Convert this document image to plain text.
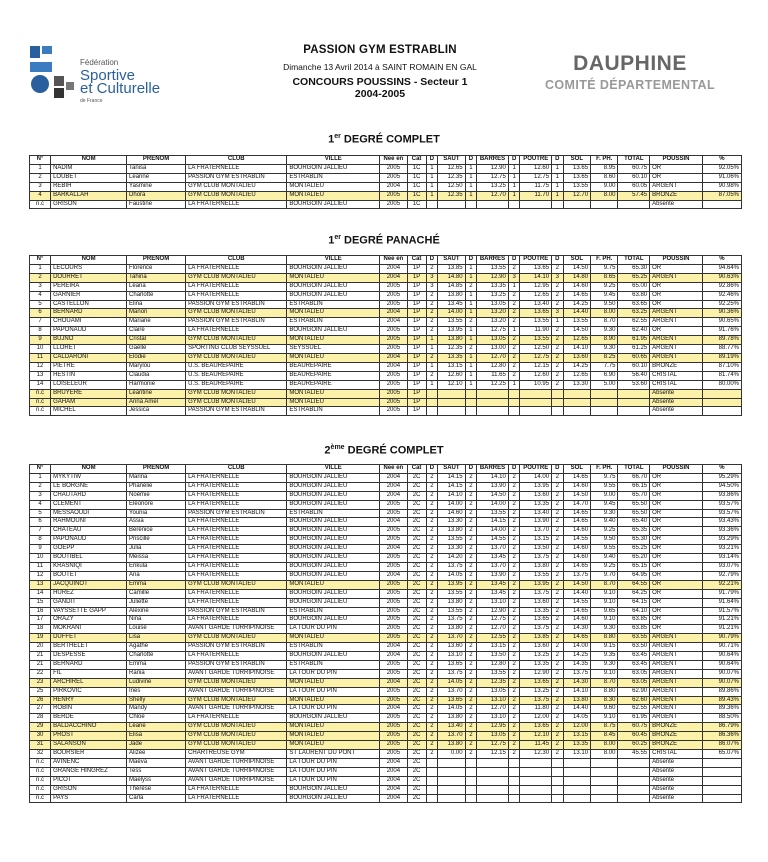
Fédération
Sportive
et Culturelle
de France
PASSION GYM ESTRABLIN
Dimanche 13 Avril 2014 à SAINT ROMAIN EN GAL
CONCOURS POUSSINS - Secteur 1
2004-2005
DAUPHINE
COMITÉ DÉPARTEMENTAL
1er DEGRÉ COMPLET
N°	NOM	PRENOM	CLUB	VILLE	Nee en	Cat	D	SAUT	D	BARRES	D	POUTRE	D	SOL	F. PH.	TOTAL	POUSSIN	%
1	NADIM	Tanisa	LA FRATERNELLE	BOURGOIN JALLIEU	2005	1C	1	12.65	1	12.90	1	12.60	1	13.65	8.95	60.75	OR	92.05%
2	LOUBET	Léanne	PASSION GYM ESTRABLIN	ESTRABLIN	2005	1C	1	12.35	1	12.75	1	12.75	1	13.65	8.60	60.10	OR	91.06%
3	REBIH	Yasmine	GYM CLUB MONTALIEU	MONTALIEU	2004	1C	1	12.50	1	13.25	1	11.75	1	13.55	9.00	60.05	ARGENT	90.98%
4	BARKALLAH	Dhora	GYM CLUB MONTALIEU	MONTALIEU	2005	1C	1	12.35	1	12.70	1	11.70	1	12.70	8.00	57.45	BRONZE	87.05%
n.c	GRISON	Faustine	LA FRATERNELLE	BOURGOIN JALLIEU	2005	1C											Absente	
1er DEGRÉ PANACHÉ
N°	NOM	PRENOM	CLUB	VILLE	Nee en	Cat	D	SAUT	D	BARRES	D	POUTRE	D	SOL	F. PH.	TOTAL	POUSSIN	%
1	LECOURS	Florence	LA FRATERNELLE	BOURGOIN JALLIEU	2004	1P	2	13.85	1	13.55	2	13.65	2	14.50	9.75	65.30	OR	94.64%
2	DOURRET	Tahina	GYM CLUB MONTALIEU	MONTALIEU	2004	1P	3	14.80	1	12.90	3	14.10	3	14.80	8.65	65.25	ARGENT	90.63%
3	PEREIRA	Leana	LA FRATERNELLE	BOURGOIN JALLIEU	2005	1P	3	14.85	2	13.35	1	12.95	2	14.60	9.25	65.00	OR	92.86%
4	GARNIER	Charlotte	LA FRATERNELLE	BOURGOIN JALLIEU	2005	1P	2	13.80	1	13.25	2	12.65	2	14.65	9.45	63.80	OR	92.46%
5	CASTELLON	Elina	PASSION GYM ESTRABLIN	ESTRABLIN	2005	1P	2	13.45	1	13.05	2	13.40	2	14.25	9.50	63.65	OR	92.25%
6	BERNARD	Manon	GYM CLUB MONTALIEU	MONTALIEU	2004	1P	2	14.00	1	13.20	2	13.65	3	14.40	8.00	63.25	ARGENT	90.36%
7	CHOUAMI	Mariane	PASSION GYM ESTRABLIN	ESTRABLIN	2004	1P	2	13.55	2	13.20	2	13.55	1	13.55	8.70	62.55	ARGENT	90.65%
8	PAPONAUD	Claire	LA FRATERNELLE	BOURGOIN JALLIEU	2005	1P	2	13.95	1	12.75	1	11.90	2	14.50	9.30	62.40	OR	91.76%
9	BUJNO	Cristal	GYM CLUB MONTALIEU	MONTALIEU	2005	1P	1	13.80	1	13.05	2	13.55	2	12.65	8.90	61.95	ARGENT	89.78%
10	LLORET	Gaëlle	SPORTING CLUB SEYSSUEL	SEYSSUEL	2005	1P	1	12.35	2	13.00	2	12.50	2	14.10	9.30	61.25	ARGENT	88.77%
11	CALDARONI	Elodie	GYM CLUB MONTALIEU	MONTALIEU	2004	1P	2	13.35	1	12.70	2	12.75	2	13.60	8.25	60.65	ARGENT	89.19%
12	PIETRE	Marylou	U.S. BEAUREPAIRE	BEAUREPAIRE	2004	1P	1	13.15	1	12.80	2	12.15	2	14.25	7.75	60.10	BRONZE	87.10%
13	HESTIN	Claudia	U.S. BEAUREPAIRE	BEAUREPAIRE	2005	1P	2	12.60	1	11.65	2	12.60	2	12.65	6.90	56.40	CRISTAL	81.74%
14	LOISELEUR	Harmonie	U.S. BEAUREPAIRE	BEAUREPAIRE	2005	1P	1	12.10	1	12.25	1	10.95	2	13.30	5.00	53.60	CRISTAL	80.00%
n.c	BRUYERE	Léantine	GYM CLUB MONTALIEU	MONTALIEU	2005	1P											Absente	
n.c	GAHAM	Anna Amel	GYM CLUB MONTALIEU	MONTALIEU	2005	1P											Absente	
n.c	MICHEL	Jessica	PASSION GYM ESTRABLIN	ESTRABLIN	2005	1P											Absente	
2ème DEGRÉ COMPLET
N°	NOM	PRENOM	CLUB	VILLE	Nee en	Cat	D	SAUT	D	BARRES	D	POUTRE	D	SOL	F. PH.	TOTAL	POUSSIN	%
1	MYKYTIW	Marina	LA FRATERNELLE	BOURGOIN JALLIEU	2004	2C	2	14.15	2	14.10	2	14.00	2	14.65	9.75	66.70	OR	95.29%
2	LE BORGNE	Phanélie	LA FRATERNELLE	BOURGOIN JALLIEU	2004	2C	2	14.15	2	13.90	2	13.95	2	14.60	9.55	66.15	OR	94.50%
3	CHAUTARD	Noémie	LA FRATERNELLE	BOURGOIN JALLIEU	2004	2C	2	14.10	2	14.50	2	13.60	2	14.50	9.00	65.70	OR	93.86%
4	CLEMENT	Eléonore	LA FRATERNELLE	BOURGOIN JALLIEU	2005	2C	2	14.00	2	14.00	2	13.35	2	14.70	9.45	65.50	OR	93.57%
5	MESSAOUDI	Younia	PASSION GYM ESTRABLIN	ESTRABLIN	2005	2C	2	14.60	2	13.55	2	13.40	2	14.65	9.30	65.50	OR	93.57%
6	RAHMOUNI	Assia	LA FRATERNELLE	BOURGOIN JALLIEU	2004	2C	2	13.30	2	14.15	2	13.90	2	14.65	9.40	65.40	OR	93.43%
7	CHATEAU	Bérénice	LA FRATERNELLE	BOURGOIN JALLIEU	2005	2C	2	13.80	2	14.00	2	13.70	2	14.60	9.25	65.35	OR	93.36%
8	PAPONAUD	Priscille	LA FRATERNELLE	BOURGOIN JALLIEU	2005	2C	2	13.55	2	14.55	2	13.15	2	14.55	9.50	65.30	OR	93.29%
9	GOEPP	Julia	LA FRATERNELLE	BOURGOIN JALLIEU	2004	2C	2	13.30	2	13.70	2	13.50	2	14.60	9.55	65.25	OR	93.21%
10	BOUTIBEL	Meissa	LA FRATERNELLE	BOURGOIN JALLIEU	2005	2C	2	14.20	2	13.45	2	13.75	2	14.60	9.40	65.20	OR	93.14%
11	KRASNIQI	Enkula	LA FRATERNELLE	BOURGOIN JALLIEU	2005	2C	2	13.75	2	13.70	2	13.80	2	14.65	9.25	65.15	OR	93.07%
12	BOUTET	Ana	LA FRATERNELLE	BOURGOIN JALLIEU	2004	2C	2	14.05	2	13.90	2	13.55	2	13.75	9.70	64.95	OR	92.79%
13	JACQUINOT	Emma	GYM CLUB MONTALIEU	MONTALIEU	2005	2C	2	13.95	2	13.45	2	13.95	2	14.50	8.70	64.55	OR	92.21%
14	HUREZ	Camille	LA FRATERNELLE	BOURGOIN JALLIEU	2005	2C	2	13.55	2	13.45	2	13.75	2	14.40	9.10	64.25	OR	91.79%
15	GANDIT	Juliette	LA FRATERNELLE	BOURGOIN JALLIEU	2005	2C	2	13.80	2	13.10	2	13.60	2	14.55	9.10	64.15	OR	91.64%
16	VAYSSETTE GAPP	Alexine	PASSION GYM ESTRABLIN	ESTRABLIN	2005	2C	2	13.55	2	12.90	2	13.35	2	14.65	9.65	64.10	OR	91.57%
17	ORAZY	Nina	LA FRATERNELLE	BOURGOIN JALLIEU	2005	2C	2	13.75	2	12.75	2	13.65	2	14.60	9.10	63.85	OR	91.21%
18	MOKRANI	Louise	AVANT GARDE TURRIPINOISE	LA TOUR DU PIN	2005	2C	2	13.80	2	12.70	2	13.75	2	14.30	9.30	63.85	OR	91.21%
19	DUFFET	Lisa	GYM CLUB MONTALIEU	MONTALIEU	2005	2C	2	13.70	2	12.55	2	13.85	2	14.65	8.80	63.55	ARGENT	90.79%
20	BERTHELET	Agathe	PASSION GYM ESTRABLIN	ESTRABLIN	2004	2C	2	13.60	2	13.15	2	13.60	2	14.00	9.15	63.50	ARGENT	90.71%
21	DESPESSE	Charlotte	LA FRATERNELLE	BOURGOIN JALLIEU	2004	2C	2	13.10	2	13.50	2	13.25	2	14.25	9.35	63.45	ARGENT	90.64%
21	BERNARD	Emma	PASSION GYM ESTRABLIN	ESTRABLIN	2005	2C	2	13.65	2	12.80	2	13.35	2	14.35	9.30	63.45	ARGENT	90.64%
22	FIL	Rania	AVANT GARDE TURRIPINOISE	LA TOUR DU PIN	2005	2C	2	13.75	2	13.55	2	12.90	2	13.75	9.10	63.05	ARGENT	90.07%
23	ARCHIREL	Ludivine	GYM CLUB MONTALIEU	MONTALIEU	2004	2C	2	14.05	2	12.35	2	13.65	2	14.30	8.70	63.05	ARGENT	90.07%
25	PIRKOVIC	Inès	AVANT GARDE TURRIPINOISE	LA TOUR DU PIN	2005	2C	2	13.70	2	13.05	2	13.25	2	14.10	8.80	62.90	ARGENT	89.86%
26	HENRY	Shelly	GYM CLUB MONTALIEU	MONTALIEU	2005	2C	2	13.65	2	13.10	2	13.75	2	13.80	8.30	62.60	ARGENT	89.43%
27	ROBIN	Mandy	AVANT GARDE TURRIPINOISE	LA TOUR DU PIN	2004	2C	2	14.05	2	12.70	2	11.80	2	14.40	9.60	62.55	ARGENT	89.36%
28	BERDE	Chloé	LA FRATERNELLE	BOURGOIN JALLIEU	2005	2C	2	13.80	2	13.10	2	12.00	2	14.05	9.10	61.95	ARGENT	88.50%
29	BALDACCHINO	Léane	GYM CLUB MONTALIEU	MONTALIEU	2005	2C	2	13.40	2	12.95	2	13.65	2	12.00	8.75	60.75	BRONZE	86.79%
30	PROST	Elisa	GYM CLUB MONTALIEU	MONTALIEU	2005	2C	2	13.70	2	13.05	2	12.10	2	13.15	8.45	60.45	BRONZE	86.36%
31	SALANSON	Jade	GYM CLUB MONTALIEU	MONTALIEU	2005	2C	2	13.80	2	12.75	2	11.45	2	13.35	8.00	60.25	BRONZE	86.07%
32	BOURSIER	Alizée	CHARTREUSE GYM	ST LAURENT DU PONT	2005	2C	2	0.00	2	12.15	2	12.30	2	13.10	8.00	45.55	CRISTAL	65.07%
n.c	AVINENC	Maëva	AVANT GARDE TURRIPINOISE	LA TOUR DU PIN	2004	2C											Absente	
n.c	GRANGE HINGREZ	Tess	AVANT GARDE TURRIPINOISE	LA TOUR DU PIN	2004	2C											Absente	
n.c	PICOT	Maelyss	AVANT GARDE TURRIPINOISE	LA TOUR DU PIN	2004	2C											Absente	
n.c	GRISON	Thérèse	LA FRATERNELLE	BOURGOIN JALLIEU	2004	2C											Absente	
n.c	PAYS	Carla	LA FRATERNELLE	BOURGOIN JALLIEU	2004	2C											Absente	
